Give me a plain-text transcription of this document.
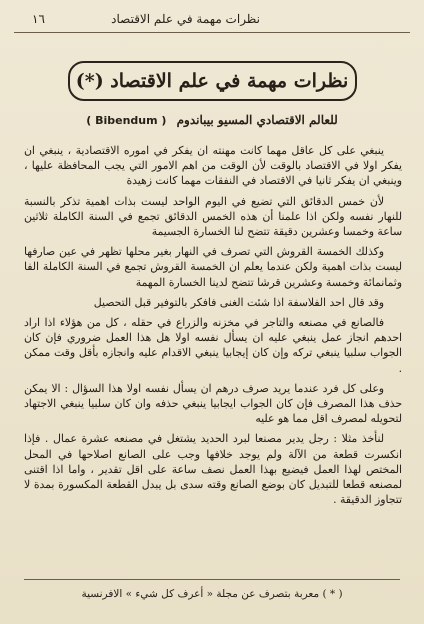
نظرات مهمة في علم الاقتصاد
١٦
نظرات مهمة في علم الاقتصاد (*)
للعالم الاقتصادي المسيو بيباندوم ( Bibendum )

ينبغي على كل عاقل مهما كانت مهنته ان يفكر في اموره الاقتصادية ، ينبغي ان يفكر اولا في الاقتصاد بالوقت لأن الوقت من اهم الامور التي يجب المحافظة عليها ، وينبغي ان يفكر ثانيا في الاقتصاد في النفقات مهما كانت زهيدة

لأن خمس الدقائق التي تضيع في اليوم الواحد ليست بذات اهمية تذكر بالنسبة للنهار نفسه ولكن اذا علمنا أن هذه الخمس الدقائق تجمع في السنة الكاملة ثلاثين ساعة وخمسا وعشرين دقيقة تتضح لنا الخسارة الجسيمة

وكذلك الخمسة القروش التي تصرف في النهار بغير محلها تظهر في عين صارفها ليست بذات اهمية ولكن عندما يعلم ان الخمسة القروش تجمع في السنة الكاملة الفا وثمانمائة وخمسة وعشرين قرشا تتضح لدينا الخسارة المهمة

وقد قال احد الفلاسفة اذا شئت الغنى فافكر بالتوفير قبل التحصيل

فالصانع في مصنعه والتاجر في مخزنه والزراع في حقله ، كل من هؤلاء اذا اراد احدهم انجاز عمل ينبغي عليه ان يسأل نفسه اولا هل هذا العمل ضروري فإن كان الجواب سلبيا ينبغي تركه وإن كان إيجابيا ينبغي الاقدام عليه وانجازه بأقل وقت ممكن .

وعلى كل فرد عندما يريد صرف درهم ان يسأل نفسه اولا هذا السؤال : الا يمكن حذف هذا المصرف فإن كان الجواب ايجابيا ينبغي حذفه وان كان سلبيا ينبغي الاجتهاد لتحويله لمصرف اقل مما هو عليه

لنأخذ مثلا : رجل يدير مصنعا لبرد الحديد يشتغل في مصنعه عشرة عمال . فإذا انكسرت قطعة من الآلة ولم يوجد خلافها وجب على الصانع اصلاحها في المحل المختص لهذا العمل فيضيع بهذا العمل نصف ساعة على اقل تقدير ، واما اذا اقتنى لمصنعه قطعا للتبديل كان بوضع الصانع وقته سدى بل يبدل القطعة المكسورة بمدة لا تتجاوز الدقيقة .

( * ) معربة بتصرف عن مجلة « أعرف كل شيء » الافرنسية
